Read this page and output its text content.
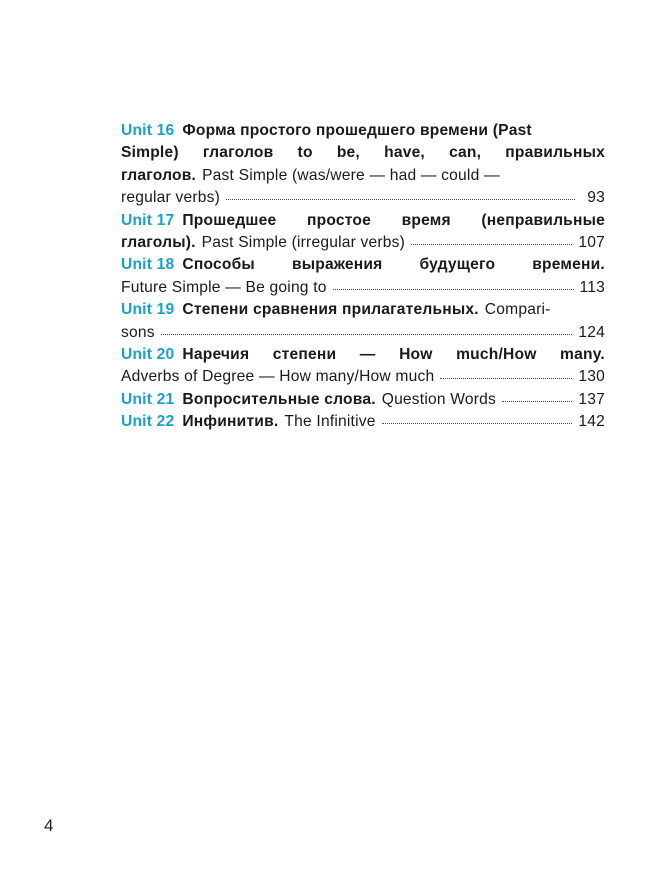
Unit 16 Форма простого прошедшего времени (Past
Simple) глаголов to be, have, can, правильных
глаголов. Past Simple (was/were — had — could —
regular verbs)	93
Unit 17 Прошедшее простое время (неправильные
глаголы). Past Simple (irregular verbs)	107
Unit 18 Способы выражения будущего времени.
Future Simple — Be going to	113
Unit 19 Степени сравнения прилагательных. Compari-
sons	124
Unit 20 Наречия степени — How much/How many.
Adverbs of Degree — How many/How much	130
Unit 21 Вопросительные слова. Question Words	137
Unit 22 Инфинитив. The Infinitive	142
4
